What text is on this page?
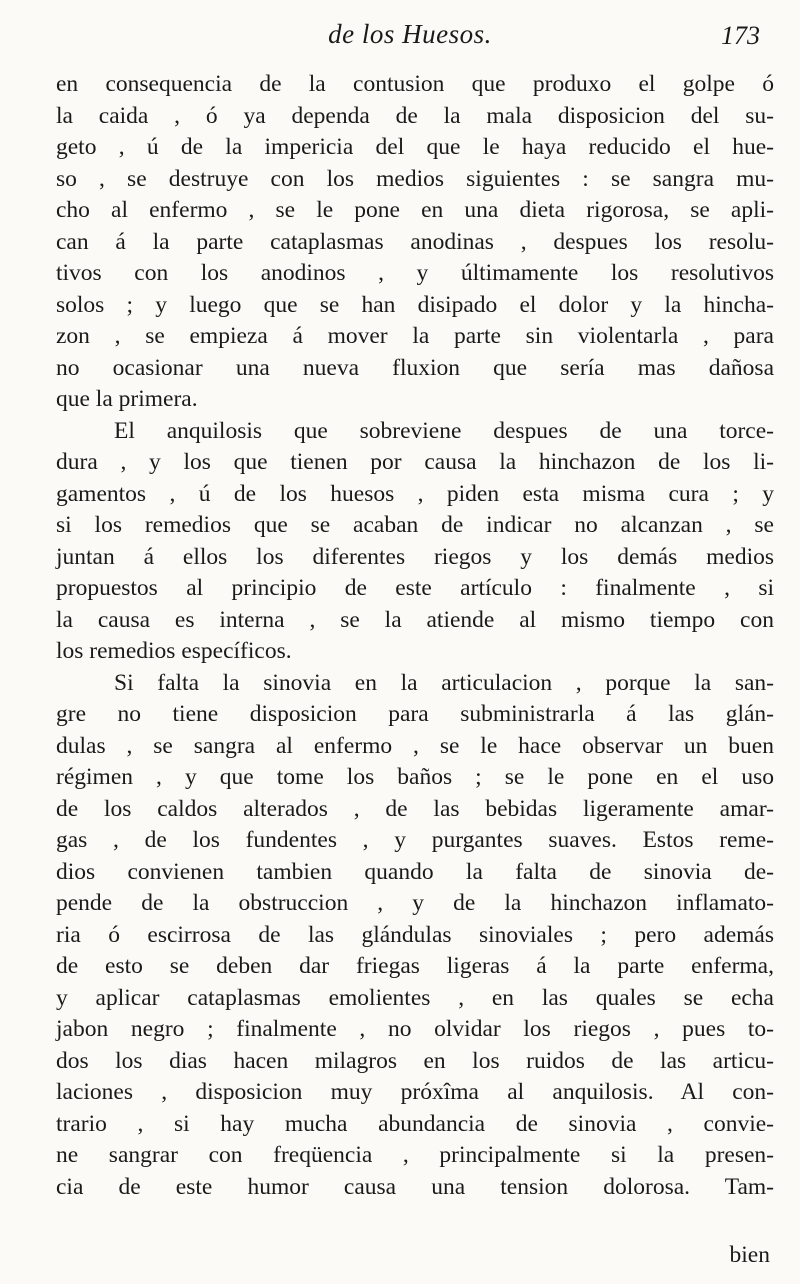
de los Huesos.	173
en consequencia de la contusion que produxo el golpe ó
la caida , ó ya dependa de la mala disposicion del su-
geto , ú de la impericia del que le haya reducido el hue-
so , se destruye con los medios siguientes : se sangra mu-
cho al enfermo , se le pone en una dieta rigorosa, se apli-
can á la parte cataplasmas anodinas , despues los resolu-
tivos con los anodinos , y últimamente los resolutivos
solos ; y luego que se han disipado el dolor y la hincha-
zon , se empieza á mover la parte sin violentarla , para
no ocasionar una nueva fluxion que sería mas dañosa
que la primera.
El anquilosis que sobreviene despues de una torce-
dura , y los que tienen por causa la hinchazon de los li-
gamentos , ú de los huesos , piden esta misma cura ; y
si los remedios que se acaban de indicar no alcanzan , se
juntan á ellos los diferentes riegos y los demás medios
propuestos al principio de este artículo : finalmente , si
la causa es interna , se la atiende al mismo tiempo con
los remedios específicos.
Si falta la sinovia en la articulacion , porque la san-
gre no tiene disposicion para subministrarla á las glán-
dulas , se sangra al enfermo , se le hace observar un buen
régimen , y que tome los baños ; se le pone en el uso
de los caldos alterados , de las bebidas ligeramente amar-
gas , de los fundentes , y purgantes suaves. Estos reme-
dios convienen tambien quando la falta de sinovia de-
pende de la obstruccion , y de la hinchazon inflamato-
ria ó escirrosa de las glándulas sinoviales ; pero además
de esto se deben dar friegas ligeras á la parte enferma,
y aplicar cataplasmas emolientes , en las quales se echa
jabon negro ; finalmente , no olvidar los riegos , pues to-
dos los dias hacen milagros en los ruidos de las articu-
laciones , disposicion muy próxîma al anquilosis. Al con-
trario , si hay mucha abundancia de sinovia , convie-
ne sangrar con freqüencia , principalmente si la presen-
cia de este humor causa una tension dolorosa. Tam-
bien
